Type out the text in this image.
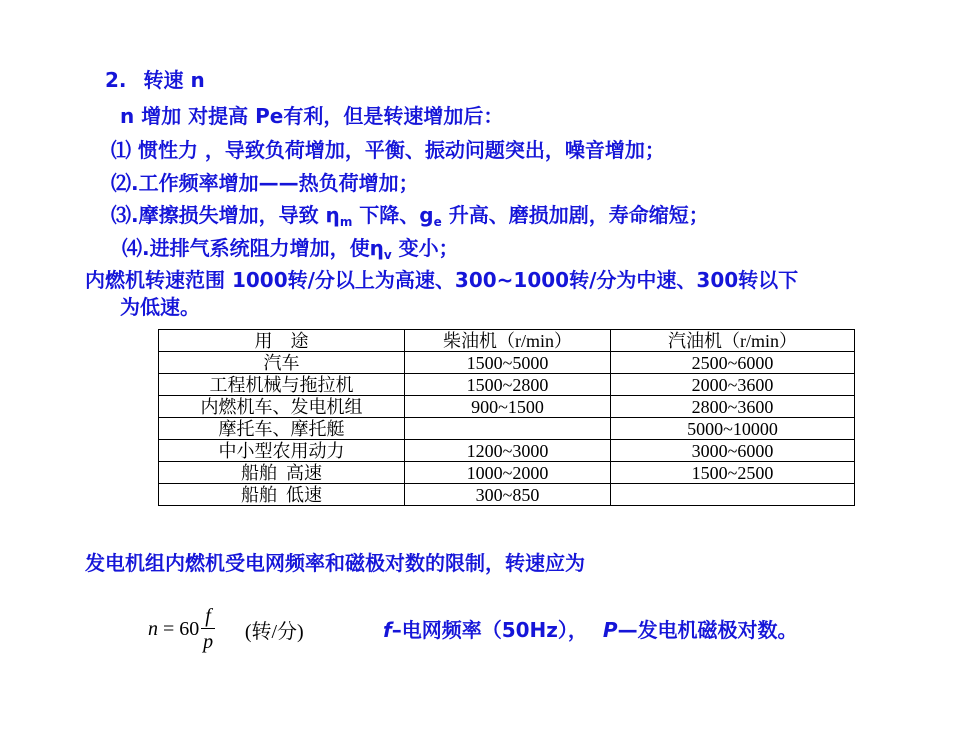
2. 转速 n
n 增加 对提高 Pe有利，但是转速增加后：
⑴ 惯性力 ，导致负荷增加，平衡、振动问题突出，噪音增加；
⑵.工作频率增加——热负荷增加；
⑶.摩擦损失增加，导致 $\eta_m$ 下降、$g_e$ 升高、磨损加剧，寿命缩短；
⑷.进排气系统阻力增加，使$\eta_v$ 变小；
内燃机转速范围 1000转/分以上为高速、300~1000转/分为中速、300转以下
为低速。
用　途	柴油机（r/min）	汽油机（r/min）
汽车	1500~5000	2500~6000
工程机械与拖拉机	1500~2800	2000~3600
内燃机车、发电机组	900~1500	2800~3600
摩托车、摩托艇		5000~10000
中小型农用动力	1200~3000	3000~6000
船舶  高速	1000~2000	1500~2500
船舶  低速	300~850	
发电机组内燃机受电网频率和磁极对数的限制，转速应为
$n = 60 \frac{f}{p}$ (转/分)	f–电网频率（50Hz）， P—发电机磁极对数。
